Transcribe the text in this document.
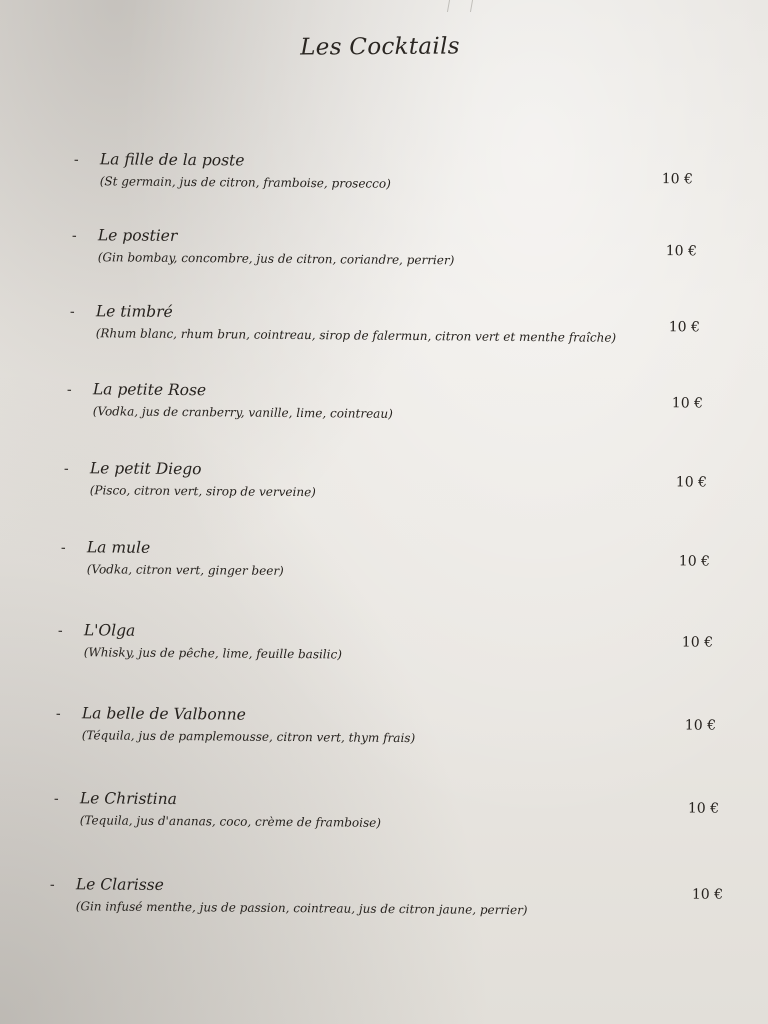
Les Cocktails
- La fille de la poste
(St germain, jus de citron, framboise, prosecco)	10 €
- Le postier
(Gin bombay, concombre, jus de citron, coriandre, perrier)	10 €
- Le timbré
(Rhum blanc, rhum brun, cointreau, sirop de falermun, citron vert et menthe fraîche)	10 €
- La petite Rose
(Vodka, jus de cranberry, vanille, lime, cointreau)
10 €
- Le petit Diego
(Pisco, citron vert, sirop de verveine)
10 €
- La mule
(Vodka, citron vert, ginger beer)
10 €
- L'Olga
(Whisky, jus de pêche, lime, feuille basilic)
10 €
- La belle de Valbonne
(Téquila, jus de pamplemousse, citron vert, thym frais)
10 €
- Le Christina
(Tequila, jus d'ananas, coco, crème de framboise)
10 €
- Le Clarisse
(Gin infusé menthe, jus de passion, cointreau, jus de citron jaune, perrier)
10 €
